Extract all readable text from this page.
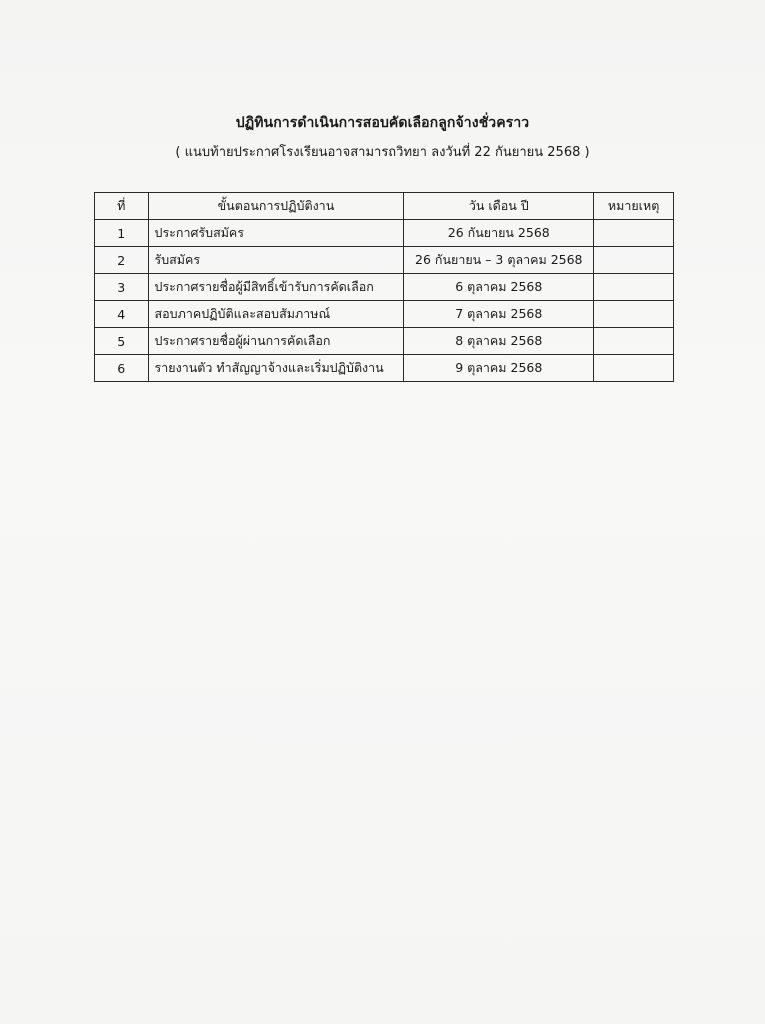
ปฏิทินการดำเนินการสอบคัดเลือกลูกจ้างชั่วคราว
( แนบท้ายประกาศโรงเรียนอาจสามารถวิทยา ลงวันที่ 22 กันยายน 2568 )
ที่	ขั้นตอนการปฏิบัติงาน	วัน เดือน ปี	หมายเหตุ
1	ประกาศรับสมัคร	26 กันยายน 2568	
2	รับสมัคร	26 กันยายน – 3 ตุลาคม 2568	
3	ประกาศรายชื่อผู้มีสิทธิ์เข้ารับการคัดเลือก	6 ตุลาคม 2568	
4	สอบภาคปฏิบัติและสอบสัมภาษณ์	7 ตุลาคม 2568	
5	ประกาศรายชื่อผู้ผ่านการคัดเลือก	8 ตุลาคม 2568	
6	รายงานตัว ทำสัญญาจ้างและเริ่มปฏิบัติงาน	9 ตุลาคม 2568	
